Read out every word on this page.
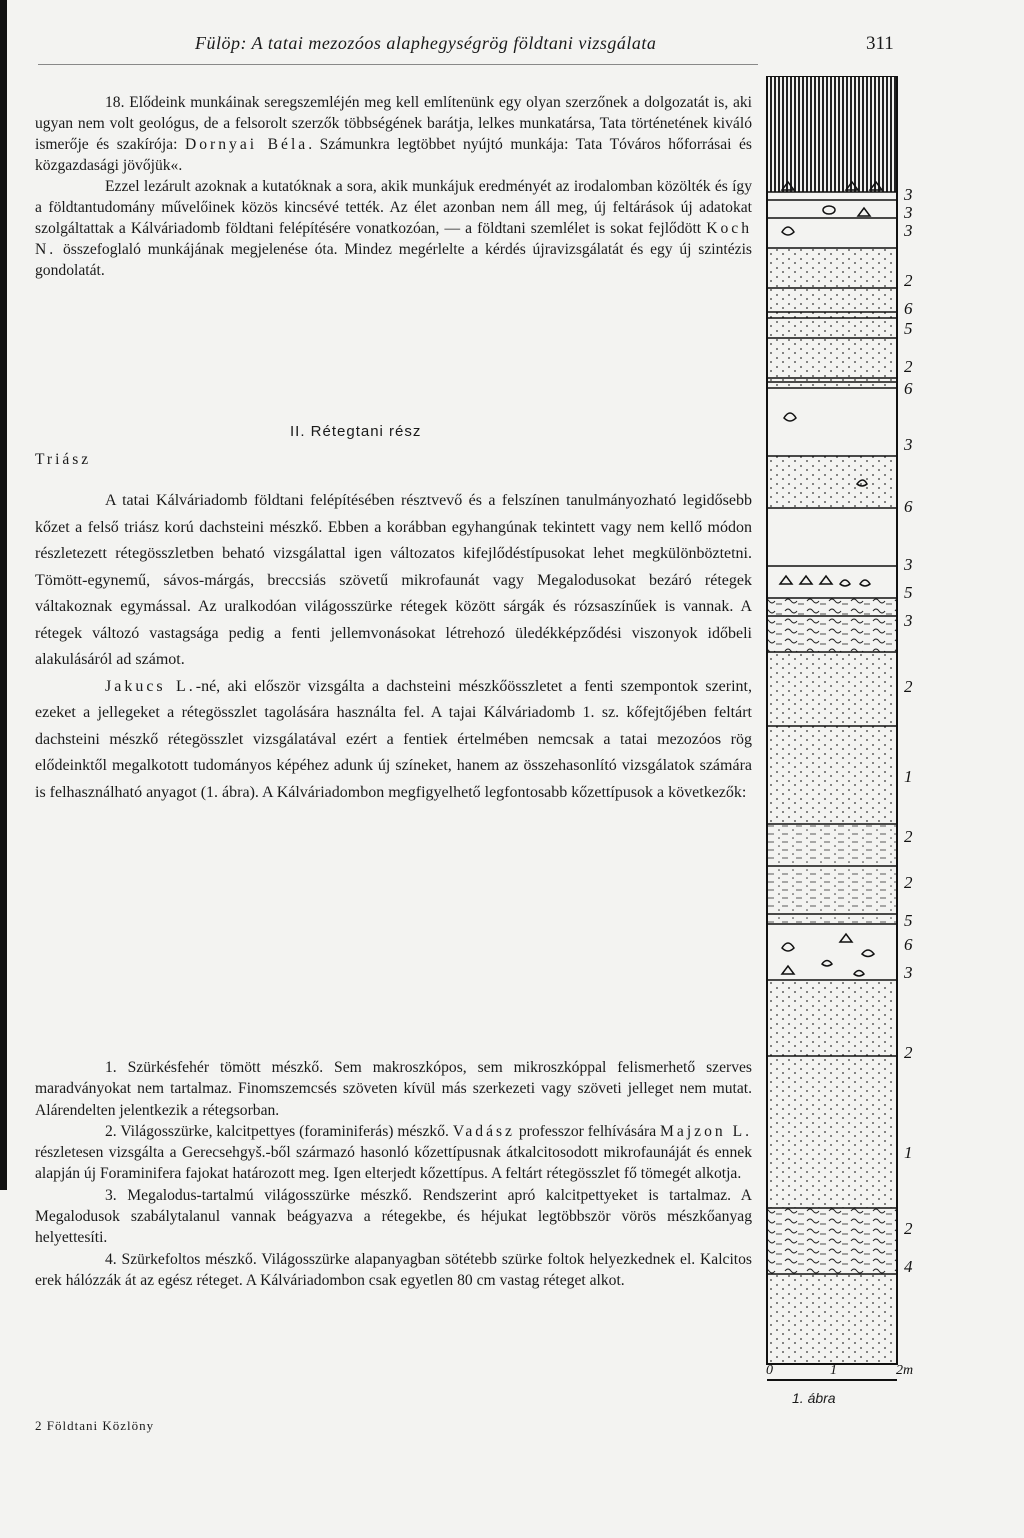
Fülöp: A tatai mezozóos alaphegységrög földtani vizsgálata	311

18. Elődeink munkáinak seregszemléjén meg kell említenünk egy olyan szerzőnek a dolgozatát is, aki ugyan nem volt geológus, de a felsorolt szerzők többségének barátja, lelkes munkatársa, Tata történetének kiváló ismerője és szakírója: Dornyai Béla. Számunkra legtöbbet nyújtó munkája: Tata Tóváros hőforrásai és közgazdasági jövőjük«.

Ezzel lezárult azoknak a kutatóknak a sora, akik munkájuk eredményét az irodalomban közölték és így a földtantudomány művelőinek közös kincsévé tették. Az élet azonban nem áll meg, új feltárások új adatokat szolgáltattak a Kálváriadomb földtani felépítésére vonatkozóan, — a földtani szemlélet is sokat fejlődött Koch N. összefoglaló munkájának megjelenése óta. Mindez megérlelte a kérdés újravizsgálatát és egy új szintézis gondolatát.

II. Rétegtani rész
Triász

A tatai Kálváriadomb földtani felépítésében résztvevő és a felszínen tanulmányozható legidősebb kőzet a felső triász korú dachsteini mészkő. Ebben a korábban egyhangúnak tekintett vagy nem kellő módon részletezett rétegösszletben beható vizsgálattal igen változatos kifejlődéstípusokat lehet megkülönböztetni. Tömött-egynemű, sávos-márgás, breccsiás szövetű mikrofaunát vagy Megalodusokat bezáró rétegek váltakoznak egymással. Az uralkodóan világosszürke rétegek között sárgák és rózsaszínűek is vannak. A rétegek változó vastagsága pedig a fenti jellemvonásokat létrehozó üledékképződési viszonyok időbeli alakulásáról ad számot.

Jakucs L.-né, aki először vizsgálta a dachsteini mészkőösszletet a fenti szempontok szerint, ezeket a jellegeket a rétegösszlet tagolására használta fel. A tajai Kálváriadomb 1. sz. kőfejtőjében feltárt dachsteini mészkő rétegösszlet vizsgálatával ezért a fentiek értelmében nemcsak a tatai mezozóos rög elődeinktől megalkotott tudományos képéhez adunk új színeket, hanem az összehasonlító vizsgálatok számára is felhasználható anyagot (1. ábra). A Kálváriadombon megfigyelhető legfontosabb kőzettípusok a következők:

1. Szürkésfehér tömött mészkő. Sem makroszkópos, sem mikroszkóppal felismerhető szerves maradványokat nem tartalmaz. Finomszemcsés szöveten kívül más szerkezeti vagy szöveti jelleget nem mutat. Alárendelten jelentkezik a rétegsorban.

2. Világosszürke, kalcitpettyes (foraminiferás) mészkő. Vadász professzor felhívására Majzon L. részletesen vizsgálta a Gerecsehgyš.-ből származó hasonló kőzettípusnak átkalcitosodott mikrofaunáját és ennek alapján új Foraminifera fajokat határozott meg. Igen elterjedt kőzettípus. A feltárt rétegösszlet fő tömegét alkotja.

3. Megalodus-tartalmú világosszürke mészkő. Rendszerint apró kalcitpettyeket is tartalmaz. A Megalodusok szabálytalanul vannak beágyazva a rétegekbe, és héjukat legtöbbször vörös mészkőanyag helyettesíti.

4. Szürkefoltos mészkő. Világosszürke alapanyagban sötétebb szürke foltok helyezkednek el. Kalcitos erek hálózzák át az egész réteget. A Kálváriadombon csak egyetlen 80 cm vastag réteget alkot.

2 Földtani Közlöny
3
3
3
2
6
5
2
6
3
6
3
5
3
2
1
2
2
5
6
3
2
1
2
4
0	1	2m
1. ábra
